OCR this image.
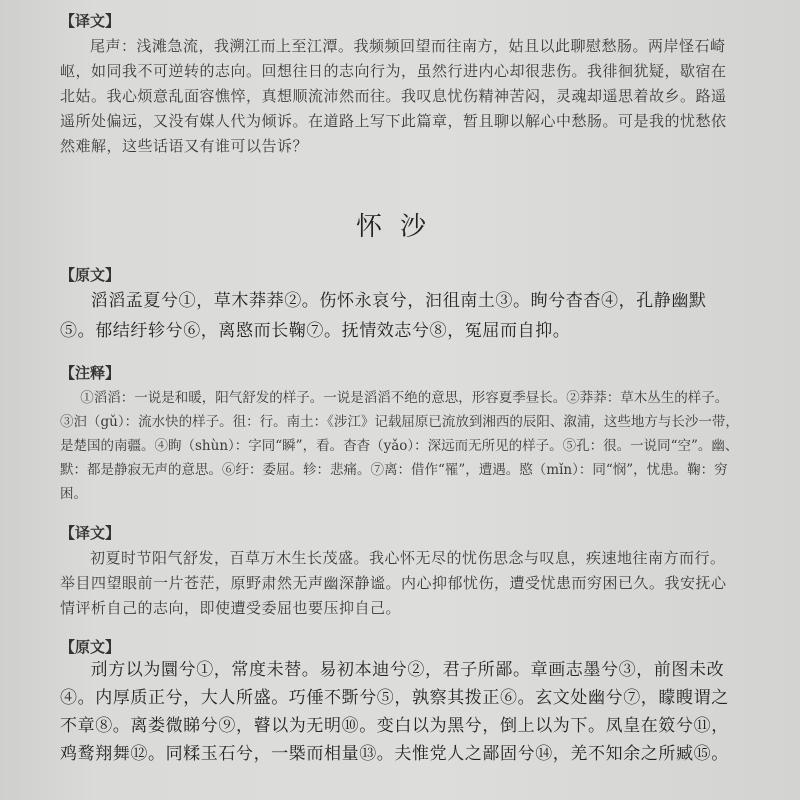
【译文】
尾声：浅滩急流，我溯江而上至江潭。我频频回望而往南方，姑且以此聊慰愁肠。两岸怪石崎岖，如同我不可逆转的志向。回想往日的志向行为，虽然行进内心却很悲伤。我徘徊犹疑，歇宿在北姑。我心烦意乱面容憔悴，真想顺流沛然而往。我叹息忧伤精神苦闷，灵魂却遥思着故乡。路遥遥所处偏远，又没有媒人代为倾诉。在道路上写下此篇章，暂且聊以解心中愁肠。可是我的忧愁依然难解，这些话语又有谁可以告诉？
怀沙
【原文】
滔滔孟夏兮①，草木莽莽②。伤怀永哀兮，汩徂南土③。眴兮杳杳④，孔静幽默⑤。郁结纡轸兮⑥，离愍而长鞠⑦。抚情效志兮⑧，冤屈而自抑。
【注释】
①滔滔：一说是和暖，阳气舒发的样子。一说是滔滔不绝的意思，形容夏季昼长。②莽莽：草木丛生的样子。③汩（gǔ）：流水快的样子。徂：行。南土：《涉江》记载屈原已流放到湘西的辰阳、溆浦，这些地方与长沙一带，是楚国的南疆。④眴（shùn）：字同“瞬”，看。杳杳（yǎo）：深远而无所见的样子。⑤孔：很。一说同“空”。幽、默：都是静寂无声的意思。⑥纡：委屈。轸：悲痛。⑦离：借作“罹”，遭遇。愍（mǐn）：同“悯”，忧患。鞠：穷困。
【译文】
初夏时节阳气舒发，百草万木生长茂盛。我心怀无尽的忧伤思念与叹息，疾速地往南方而行。举目四望眼前一片苍茫，原野肃然无声幽深静谧。内心抑郁忧伤，遭受忧患而穷困已久。我安抚心情评析自己的志向，即使遭受委屈也要压抑自己。
【原文】
刓方以为圜兮①，常度未替。易初本迪兮②，君子所鄙。章画志墨兮③，前图未改④。内厚质正兮，大人所盛。巧倕不斲兮⑤，孰察其拨正⑥。玄文处幽兮⑦，矇瞍谓之不章⑧。离娄微睇兮⑨，瞽以为无明⑩。变白以为黑兮，倒上以为下。凤皇在笯兮⑪，鸡鹜翔舞⑫。同糅玉石兮，一槩而相量⑬。夫惟党人之鄙固兮⑭，羌不知余之所臧⑮。
